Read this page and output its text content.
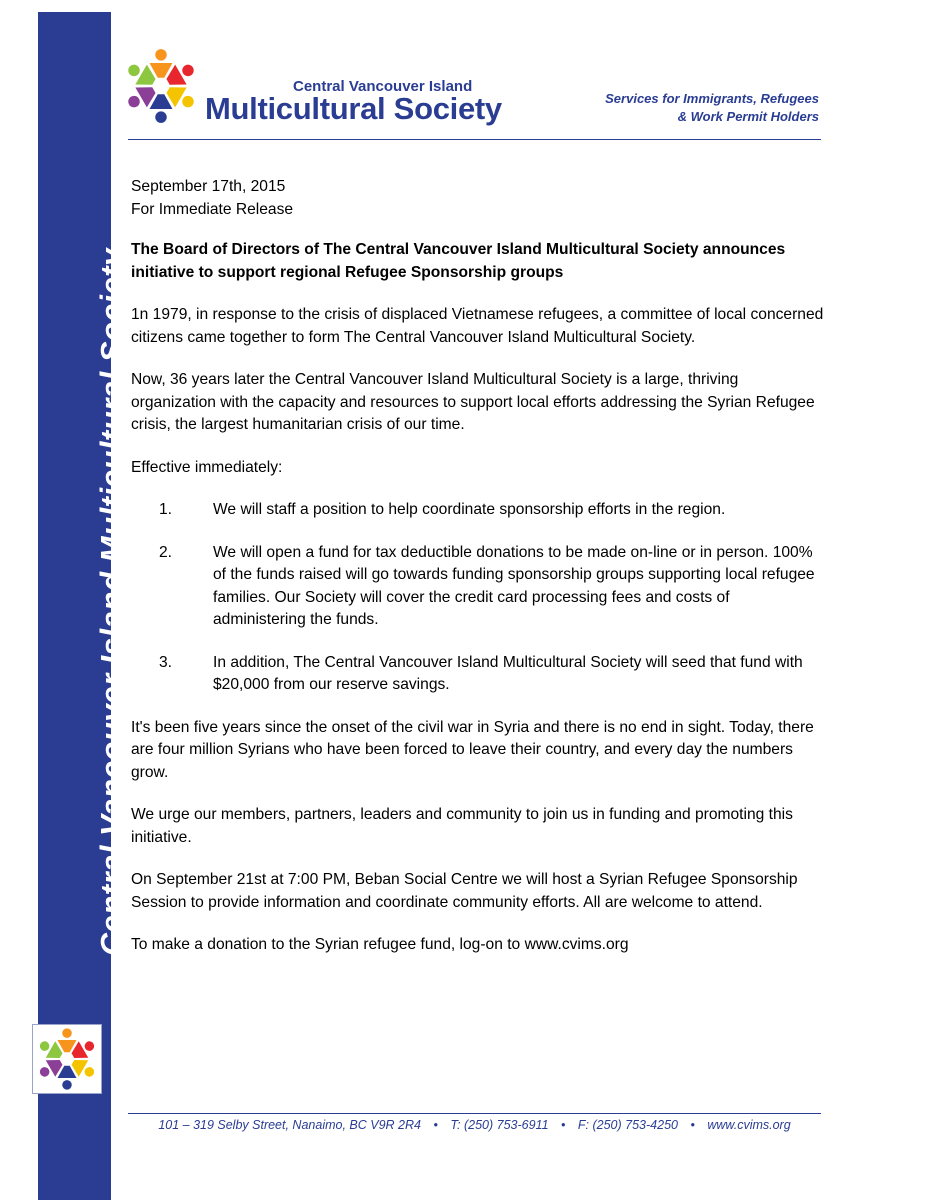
Central Vancouver Island Multicultural Society
Central Vancouver Island
Multicultural Society	Services for Immigrants, Refugees
& Work Permit Holders

September 17th, 2015
For Immediate Release

The Board of Directors of The Central Vancouver Island Multicultural Society announces initiative to support regional Refugee Sponsorship groups

1n 1979, in response to the crisis of displaced Vietnamese refugees, a committee of local concerned citizens came together to form The Central Vancouver Island Multicultural Society.

Now, 36 years later the Central Vancouver Island Multicultural Society is a large, thriving organization with the capacity and resources to support local efforts addressing the Syrian Refugee crisis, the largest humanitarian crisis of our time.

Effective immediately:

1.	We will staff a position to help coordinate sponsorship efforts in the region.
2.	We will open a fund for tax deductible donations to be made on-line or in person. 100% of the funds raised will go towards funding sponsorship groups supporting local refugee families. Our Society will cover the credit card processing fees and costs of administering the funds.
3.	In addition, The Central Vancouver Island Multicultural Society will seed that fund with $20,000 from our reserve savings.

It's been five years since the onset of the civil war in Syria and there is no end in sight. Today, there are four million Syrians who have been forced to leave their country, and every day the numbers grow.

We urge our members, partners, leaders and community to join us in funding and promoting this initiative.

On September 21st at 7:00 PM, Beban Social Centre we will host a Syrian Refugee Sponsorship Session to provide information and coordinate community efforts. All are welcome to attend.

To make a donation to the Syrian refugee fund, log-on to www.cvims.org

101 – 319 Selby Street, Nanaimo, BC V9R 2R4 • T: (250) 753-6911 • F: (250) 753-4250 • www.cvims.org
